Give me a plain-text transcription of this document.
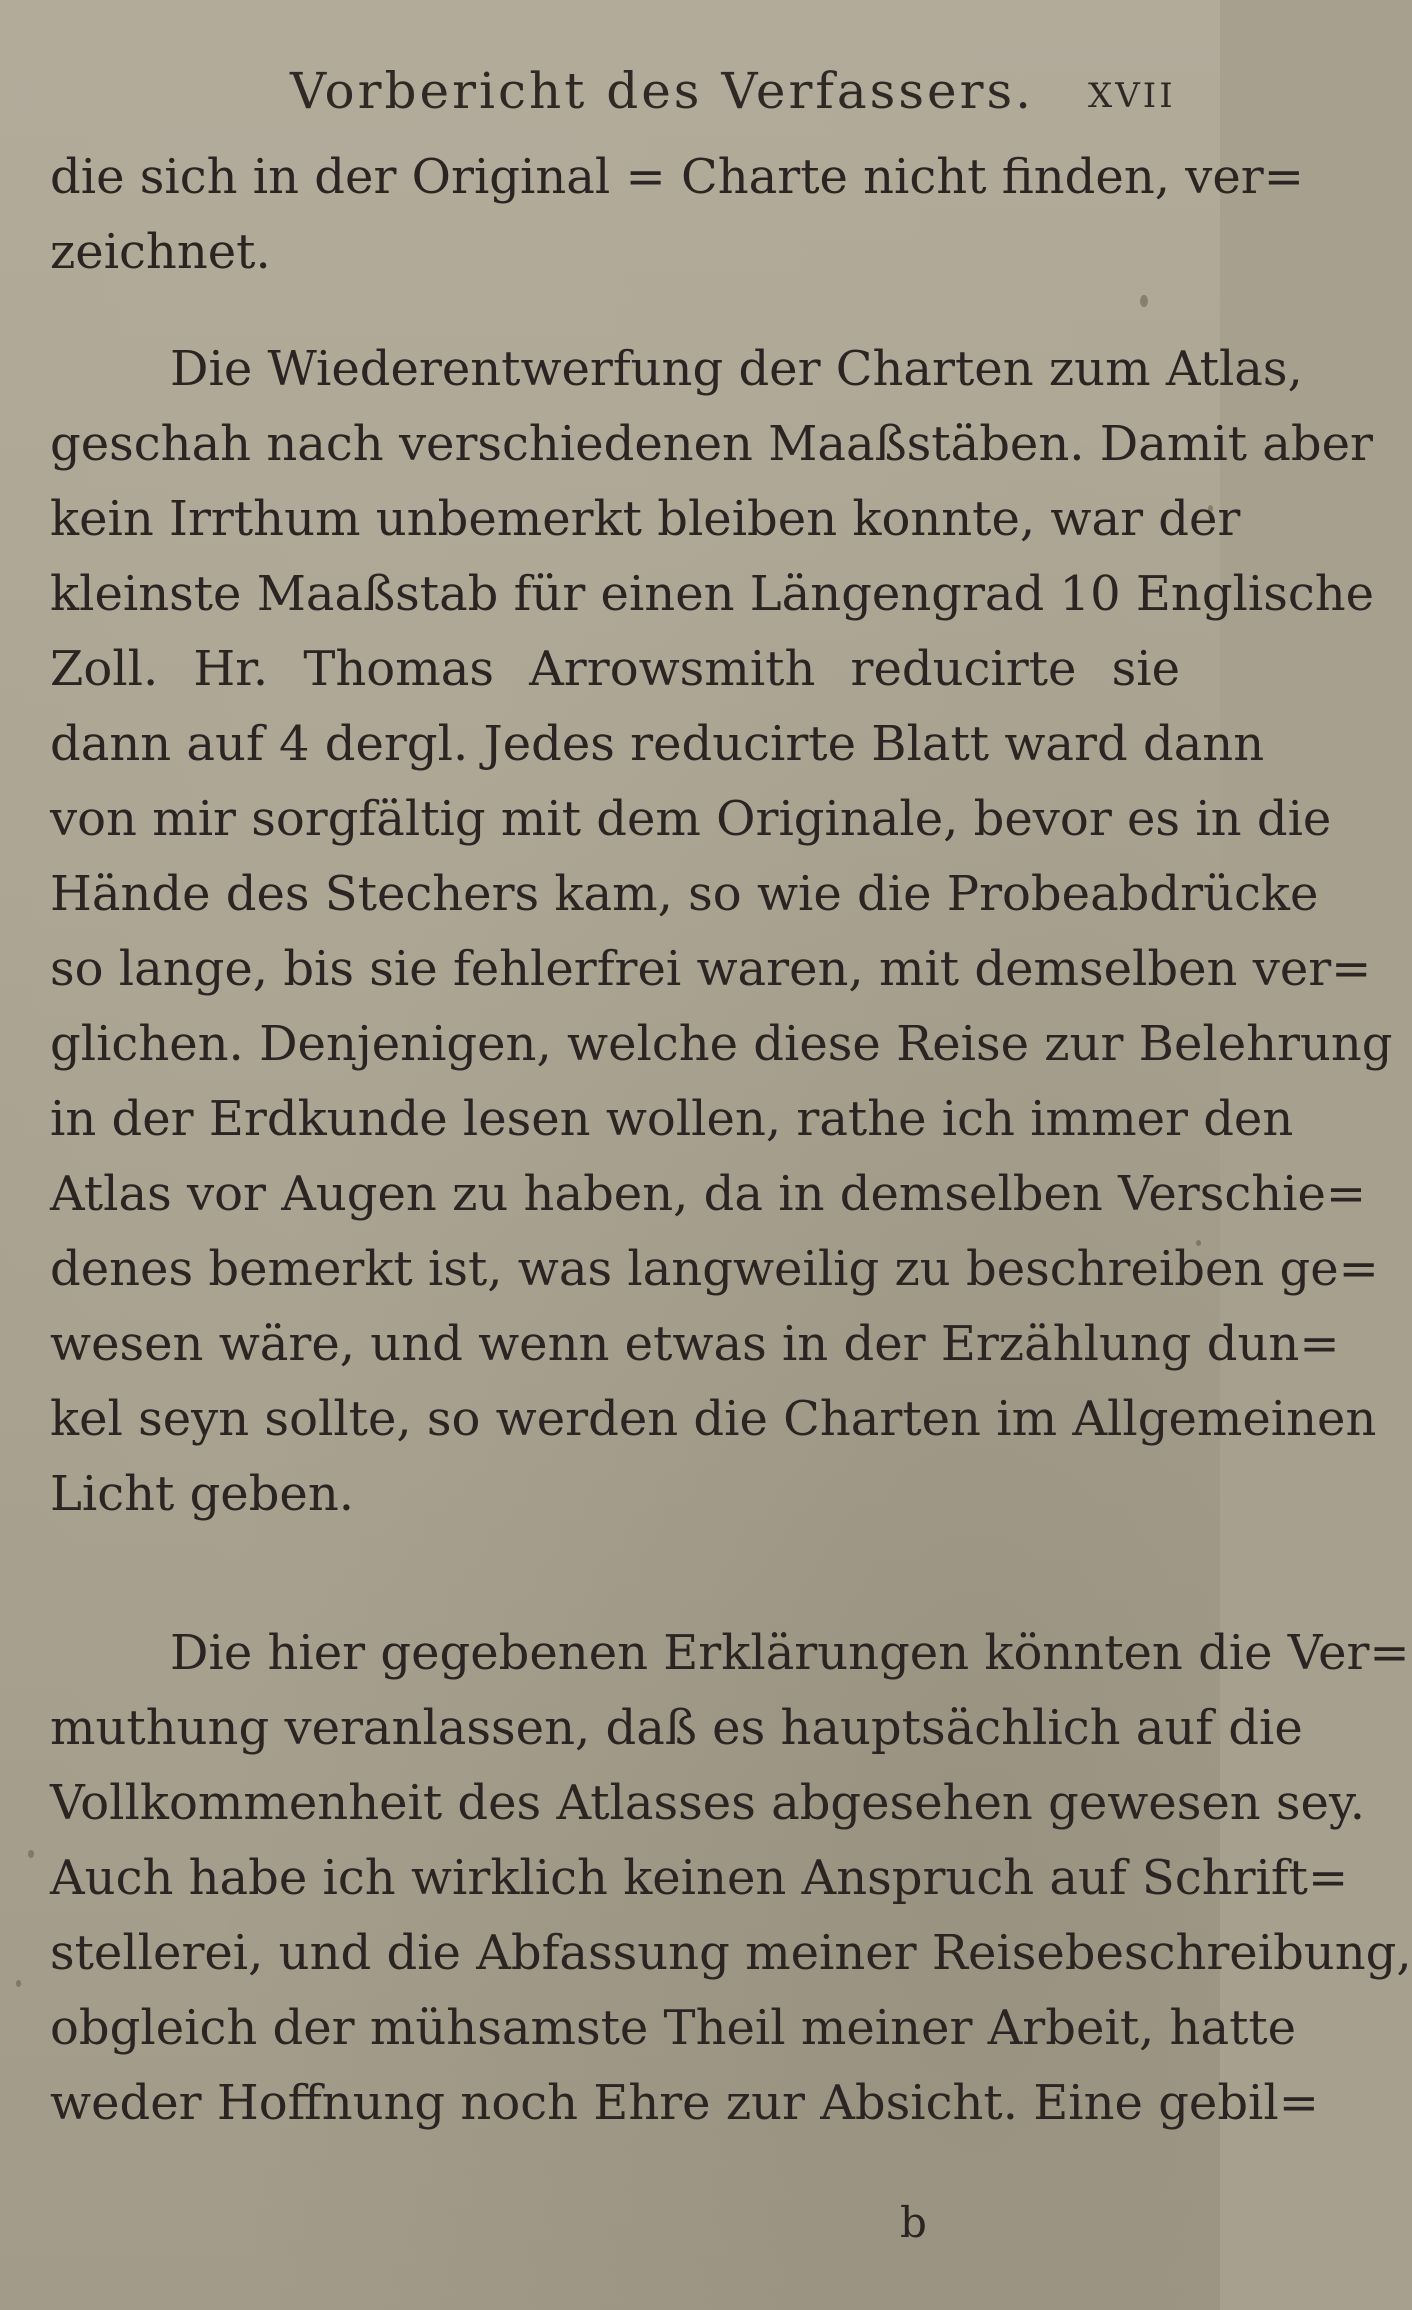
Vorbericht des Verfassers. XVII
die sich in der Original = Charte nicht finden, ver=
zeichnet.
Die Wiederentwerfung der Charten zum Atlas,
geschah nach verschiedenen Maaßstäben. Damit aber
kein Irrthum unbemerkt bleiben konnte, war der
kleinste Maaßstab für einen Längengrad 10 Englische
Zoll. Hr. Thomas Arrowsmith reducirte sie
dann auf 4 dergl. Jedes reducirte Blatt ward dann
von mir sorgfältig mit dem Originale, bevor es in die
Hände des Stechers kam, so wie die Probeabdrücke
so lange, bis sie fehlerfrei waren, mit demselben ver=
glichen. Denjenigen, welche diese Reise zur Belehrung
in der Erdkunde lesen wollen, rathe ich immer den
Atlas vor Augen zu haben, da in demselben Verschie=
denes bemerkt ist, was langweilig zu beschreiben ge=
wesen wäre, und wenn etwas in der Erzählung dun=
kel seyn sollte, so werden die Charten im Allgemeinen
Licht geben.
Die hier gegebenen Erklärungen könnten die Ver=
muthung veranlassen, daß es hauptsächlich auf die
Vollkommenheit des Atlasses abgesehen gewesen sey.
Auch habe ich wirklich keinen Anspruch auf Schrift=
stellerei, und die Abfassung meiner Reisebeschreibung,
obgleich der mühsamste Theil meiner Arbeit, hatte
weder Hoffnung noch Ehre zur Absicht. Eine gebil=
b
